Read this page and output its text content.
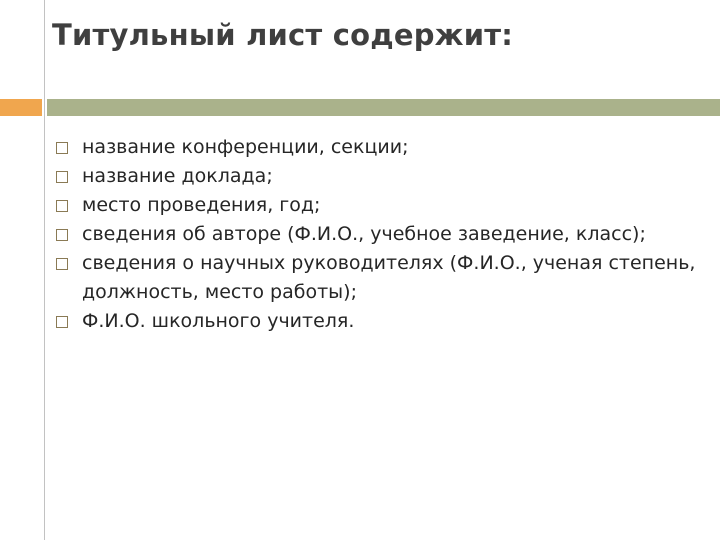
Титульный лист содержит:
название конференции, секции;
название доклада;
место проведения, год;
сведения об авторе (Ф.И.О., учебное заведение, класс);
сведения о научных руководителях (Ф.И.О., ученая степень, должность, место работы);
Ф.И.О. школьного учителя.
